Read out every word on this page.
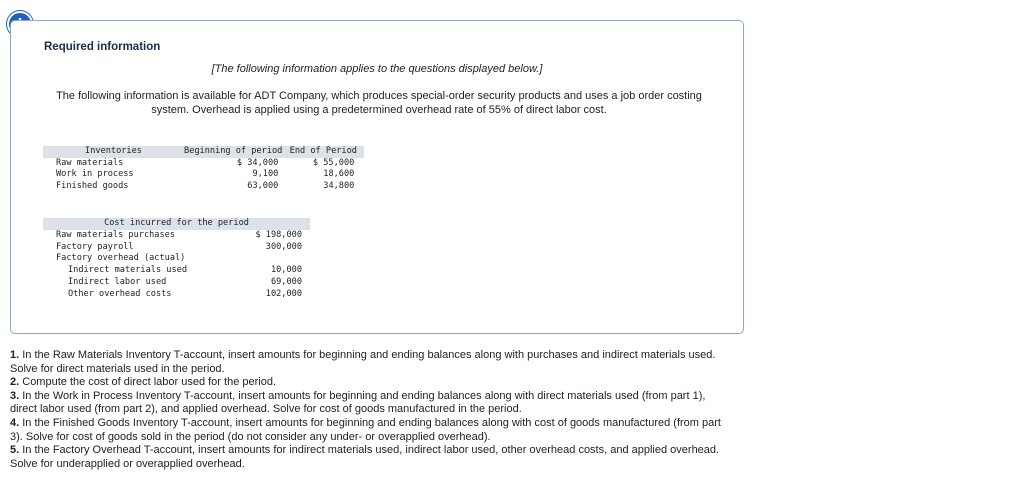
Required information
[The following information applies to the questions displayed below.]
The following information is available for ADT Company, which produces special-order security products and uses a job order costing system. Overhead is applied using a predetermined overhead rate of 55% of direct labor cost.
Inventories	Beginning of period	End of Period
Raw materials	$ 34,000	$ 55,000
Work in process	9,100	18,600
Finished goods	63,000	34,800
Cost incurred for the period	
Raw materials purchases	$ 198,000
Factory payroll	300,000
Factory overhead (actual)	
Indirect materials used	10,000
Indirect labor used	69,000
Other overhead costs	102,000

1. In the Raw Materials Inventory T-account, insert amounts for beginning and ending balances along with purchases and indirect materials used. Solve for direct materials used in the period.

2. Compute the cost of direct labor used for the period.

3. In the Work in Process Inventory T-account, insert amounts for beginning and ending balances along with direct materials used (from part 1), direct labor used (from part 2), and applied overhead. Solve for cost of goods manufactured in the period.

4. In the Finished Goods Inventory T-account, insert amounts for beginning and ending balances along with cost of goods manufactured (from part 3). Solve for cost of goods sold in the period (do not consider any under- or overapplied overhead).

5. In the Factory Overhead T-account, insert amounts for indirect materials used, indirect labor used, other overhead costs, and applied overhead. Solve for underapplied or overapplied overhead.
